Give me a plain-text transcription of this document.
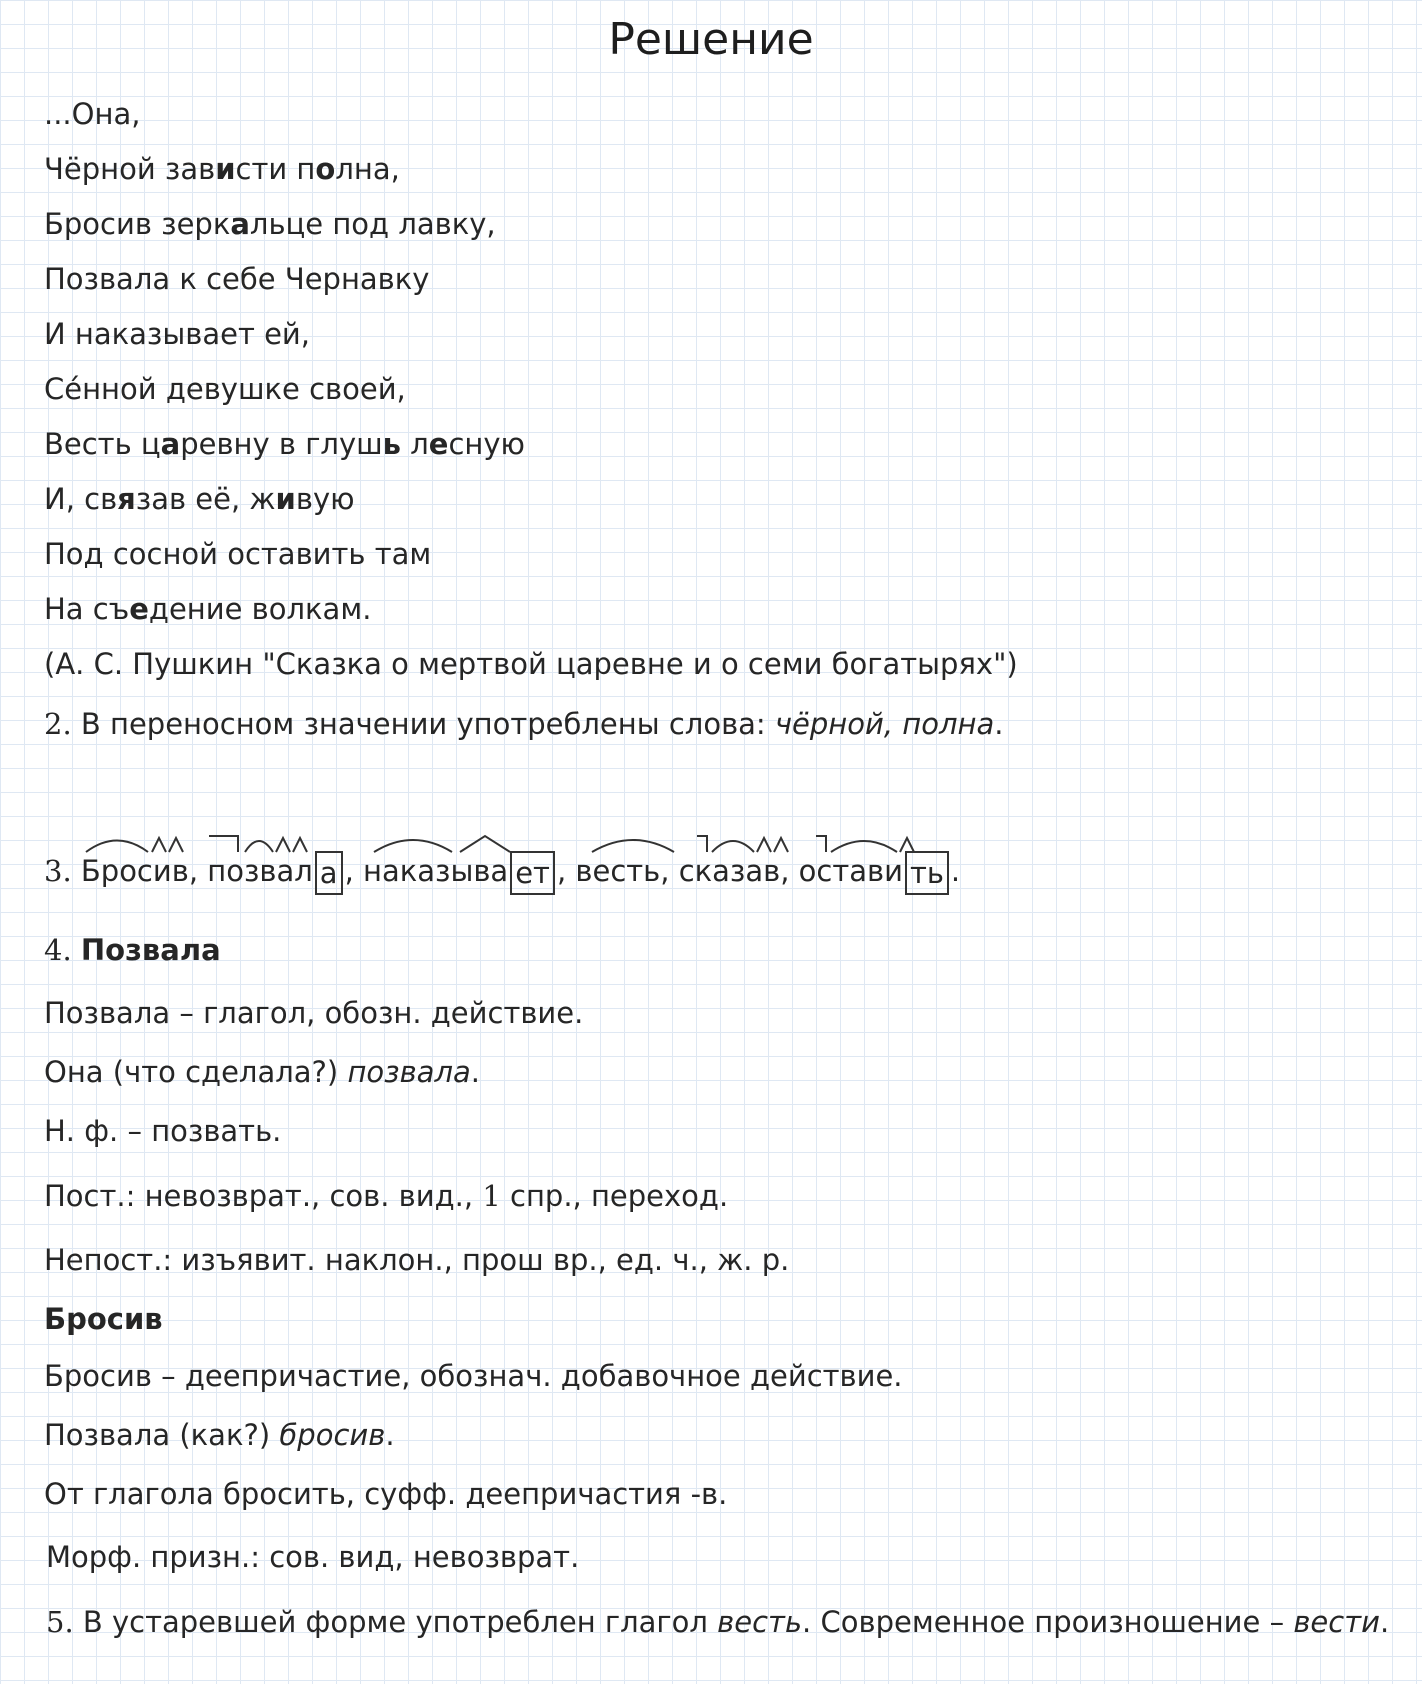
Решение
...Она,
Чёрной зависти полна,
Бросив зеркальце под лавку,
Позвала к себе Чернавку
И наказывает ей,
Се́нной девушке своей,
Весть царевну в глушь лесную
И, связав её, живую
Под сосной оставить там
На съедение волкам.
(А. С. Пушкин "Сказка о мертвой царевне и о семи богатырях")
2. В переносном значении употреблены слова: чёрной, полна.
3. Бросив, позвал а , наказыва ет , весть, сказав, остави ть .
4. Позвала
Позвала – глагол, обозн. действие.
Она (что сделала?) позвала.
Н. ф. – позвать.
Пост.: невозврат., сов. вид., 1 спр., переход.
Непост.: изъявит. наклон., прош вр., ед. ч., ж. р.
Бросив
Бросив – деепричастие, обознач. добавочное действие.
Позвала (как?) бросив.
От глагола бросить, суфф. деепричастия -в.
Морф. призн.: сов. вид, невозврат.
5. В устаревшей форме употреблен глагол весть. Современное произношение – вести.
